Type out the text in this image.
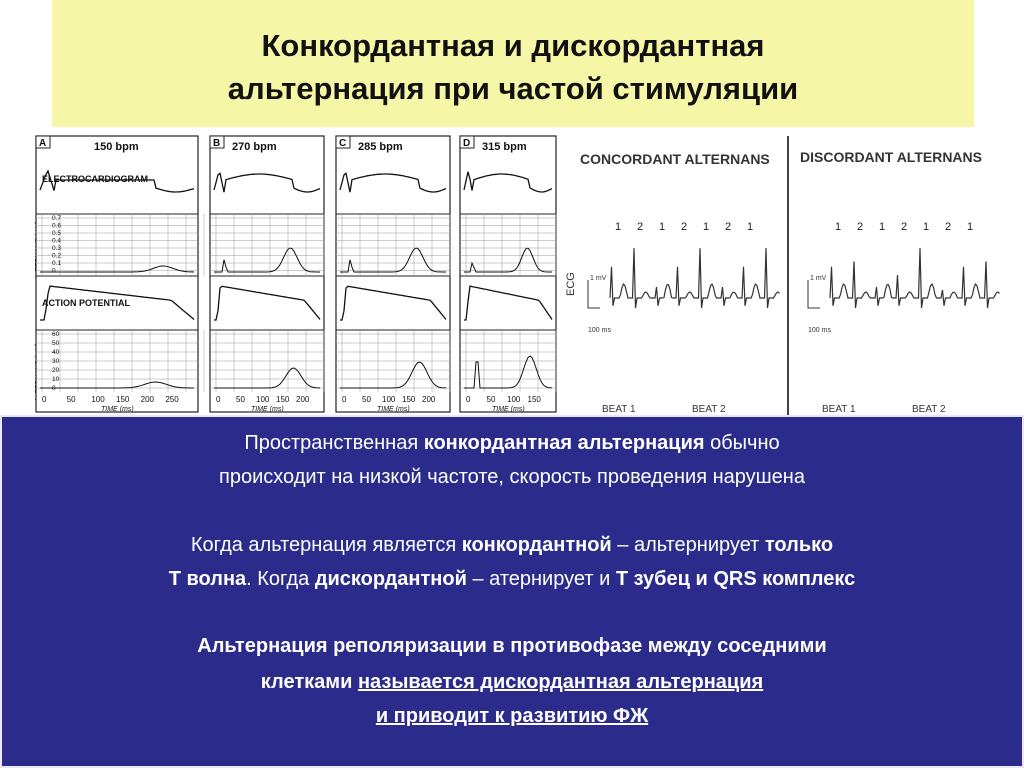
Конкордантная и дискордантная
альтернация при частой стимуляции
A	150 bpm
0	50 100 150 200 250
TIME (ms)
B 270 bpm
0 50 100 150 200
TIME (ms)
C 285 bpm
0 50 100 150 200
TIME (ms)
D 315 bpm
0 50 100 150
TIME (ms)
ELECTROCARDIOGRAM
ACTION POTENTIAL
0.7
0.6
0.5
0.4
0.3
0.2
0.1
0
60
50
40
30
20
10
0
CONCORDANT ALTERNANS DISCORDANT ALTERNANS
ECG
1 2 1 2 1 2 1
1 mV
100 ms
BEAT 1	BEAT 2
1 2 1 2 1 2 1
1 mV
100 ms
BEAT 1	BEAT 2
Пространственная конкордантная альтернация обычно
происходит на низкой частоте, скорость проведения нарушена
Когда альтернация является конкордантной – альтернирует только
Т волна. Когда дискордантной – атернирует и Т зубец и QRS комплекс
Альтернация реполяризации в противофазе между соседними
клетками называется дискордантная альтернация
и приводит к развитию ФЖ
